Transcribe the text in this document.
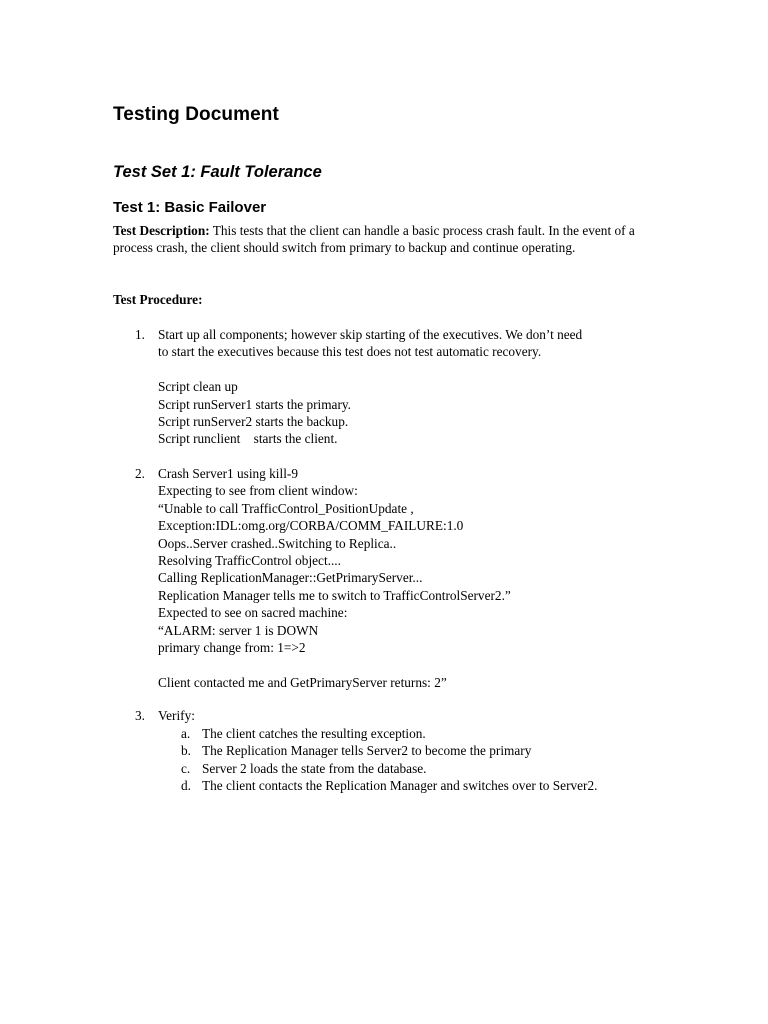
Testing Document
Test Set 1: Fault Tolerance
Test 1: Basic Failover
Test Description: This tests that the client can handle a basic process crash fault. In the event of a process crash, the client should switch from primary to backup and continue operating.
Test Procedure:
1. Start up all components; however skip starting of the executives. We don’t need
to start the executives because this test does not test automatic recovery.
Script clean up
Script runServer1 starts the primary.
Script runServer2 starts the backup.
Script runclient    starts the client.
2. Crash Server1 using kill-9
Expecting to see from client window:
“Unable to call TrafficControl_PositionUpdate ,
Exception:IDL:omg.org/CORBA/COMM_FAILURE:1.0
Oops..Server crashed..Switching to Replica..
Resolving TrafficControl object....
Calling ReplicationManager::GetPrimaryServer...
Replication Manager tells me to switch to TrafficControlServer2.”
Expected to see on sacred machine:
“ALARM: server 1 is DOWN
primary change from: 1=>2
Client contacted me and GetPrimaryServer returns: 2”
3. Verify:
a. The client catches the resulting exception.
b. The Replication Manager tells Server2 to become the primary
c. Server 2 loads the state from the database.
d. The client contacts the Replication Manager and switches over to Server2.
